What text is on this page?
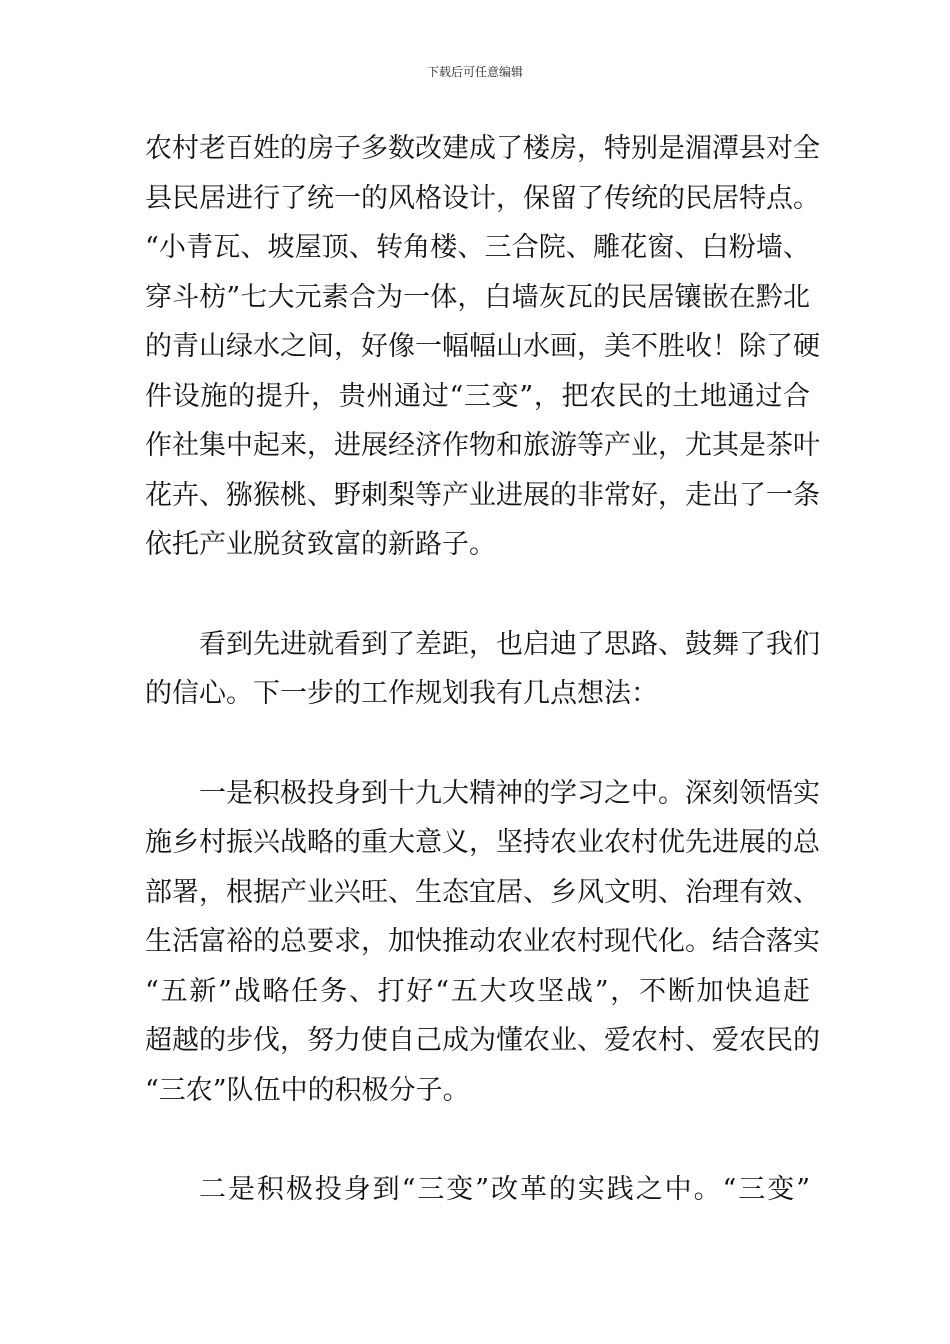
下载后可任意编辑
农村老百姓的房子多数改建成了楼房，特别是湄潭县对全
县民居进行了统一的风格设计，保留了传统的民居特点。
“小青瓦、坡屋顶、转角楼、三合院、雕花窗、白粉墙、
穿斗枋”七大元素合为一体，白墙灰瓦的民居镶嵌在黔北
的青山绿水之间，好像一幅幅山水画，美不胜收！除了硬
件设施的提升，贵州通过“三变”，把农民的土地通过合
作社集中起来，进展经济作物和旅游等产业，尤其是茶叶
花卉、猕猴桃、野刺梨等产业进展的非常好，走出了一条
依托产业脱贫致富的新路子。
看到先进就看到了差距，也启迪了思路、鼓舞了我们
的信心。下一步的工作规划我有几点想法：
一是积极投身到十九大精神的学习之中。深刻领悟实
施乡村振兴战略的重大意义，坚持农业农村优先进展的总
部署，根据产业兴旺、生态宜居、乡风文明、治理有效、
生活富裕的总要求，加快推动农业农村现代化。结合落实
“五新”战略任务、打好“五大攻坚战”，不断加快追赶
超越的步伐，努力使自己成为懂农业、爱农村、爱农民的
“三农”队伍中的积极分子。
二是积极投身到“三变”改革的实践之中。“三变”
